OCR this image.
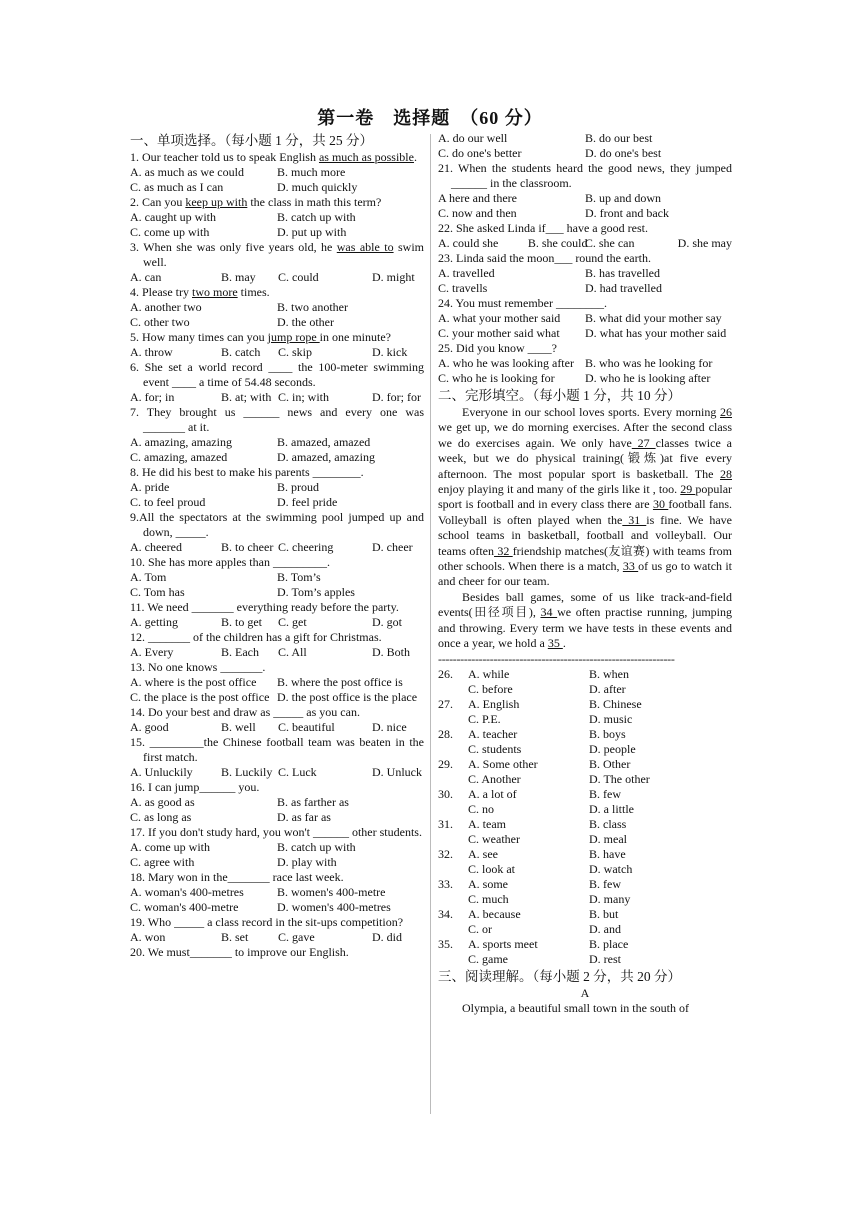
第一卷　选择题　（60 分）
一、单项选择。（每小题 1 分，共 25 分）
1. Our teacher told us to speak English as much as possible.
A. as much as we could	B. much more
C. as much as I can	D. much quickly
2. Can you keep up with the class in math this term?
A. caught up with	B. catch up with
C. come up with	D. put up with
3. When she was only five years old, he was able to swim well.
A. can	B. may	C. could	D. might
4. Please try two more times.
A. another two	B. two another
C. other two	D. the other
5. How many times can you jump rope in one minute?
A. throw	B. catch	C. skip	D. kick
6. She set a world record ____ the 100-meter swimming event ____ a time of 54.48 seconds.
A. for; in	B. at; with C. in; with	D. for; for
7. They brought us ______ news and every one was _______ at it.
A. amazing, amazing	B. amazed, amazed
C. amazing, amazed	D. amazed, amazing
8. He did his best to make his parents ________.
A. pride	B. proud
C. to feel proud	D. feel pride
9.All the spectators at the swimming pool jumped up and down, _____.
A. cheered	B. to cheer C. cheering	D. cheer
10. She has more apples than _________.
A. Tom	B. Tom’s
C. Tom has	D. Tom’s apples
11. We need _______ everything ready before the party.
A. getting	B. to get	C. get	D. got
12. _______ of the children has a gift for Christmas.
A. Every	B. Each	C. All	D. Both
13. No one knows _______.
A. where is the post office	B. where the post office is
C. the place is the post office D. the post office is the place
14. Do your best and draw as _____ as you can.
A. good	B. well	C. beautiful	D. nice
15. _________the Chinese football team was beaten in the first match.
A. Unluckily	B. Luckily C. Luck	D. Unluck
16. I can jump______ you.
A. as good as	B. as farther as
C. as long as	D. as far as
17. If you don't study hard, you won't ______ other students.
A. come up with	B. catch up with
C. agree with	D. play with
18. Mary won in the_______ race last week.
A. woman's 400-metres	B. women's 400-metre
C. woman's 400-metre	D. women's 400-metres
19. Who _____ a class record in the sit-ups competition?
A. won	B. set	C. gave	D. did
20. We must_______ to improve our English.
A. do our well	B. do our best
C. do one's better	D. do one's best
21. When the students heard the good news, they jumped ______ in the classroom.
A here and there	B. up and down
C. now and then	D. front and back
22. She asked Linda if___ have a good rest.
A. could she	B. she could
C. she can	D. she may
23. Linda said the moon___ round the earth.
A. travelled	B. has travelled
C. travells	D. had travelled
24. You must remember ________.
A. what your mother said	B. what did your mother say
C. your mother said what	D. what has your mother said
25. Did you know ____?
A. who he was looking after B. who was he looking for
C. who he is looking for	D. who he is looking after
二、完形填空。（每小题 1 分，共 10 分）
Everyone in our school loves sports. Every morning 26 we get up, we do morning exercises. After the second class we do exercises again. We only have 27 classes twice a week, but we do physical training(锻炼)at five every afternoon. The most popular sport is basketball. The 28 enjoy playing it and many of the girls like it , too. 29 popular sport is football and in every class there are 30 football fans. Volleyball is often played when the 31 is fine. We have school teams in basketball, football and volleyball. Our teams often 32 friendship matches(友谊赛) with teams from other schools. When there is a match, 33 of us go to watch it and cheer for our team.
Besides ball games, some of us like track-and-field events(田径项目), 34 we often practise running, jumping and throwing. Every term we have tests in these events and once a year, we hold a 35 .
----------------------------------------------------------------
26.	A. while	B. when
C. before	D. after
27.	A. English	B. Chinese
C. P.E.	D. music
28.	A. teacher	B. boys
C. students	D. people
29.	A. Some other	B. Other
C. Another	D. The other
30.	A. a lot of	B. few
C. no	D. a little
31.	A. team	B. class
C. weather	D. meal
32.	A. see	B. have
C. look at	D. watch
33.	A. some	B. few
C. much	D. many
34.	A. because	B. but
C. or	D. and
35.	A. sports meet	B. place
C. game	D. rest
三、阅读理解。（每小题 2 分，共 20 分）
A
Olympia, a beautiful small town in the south of
